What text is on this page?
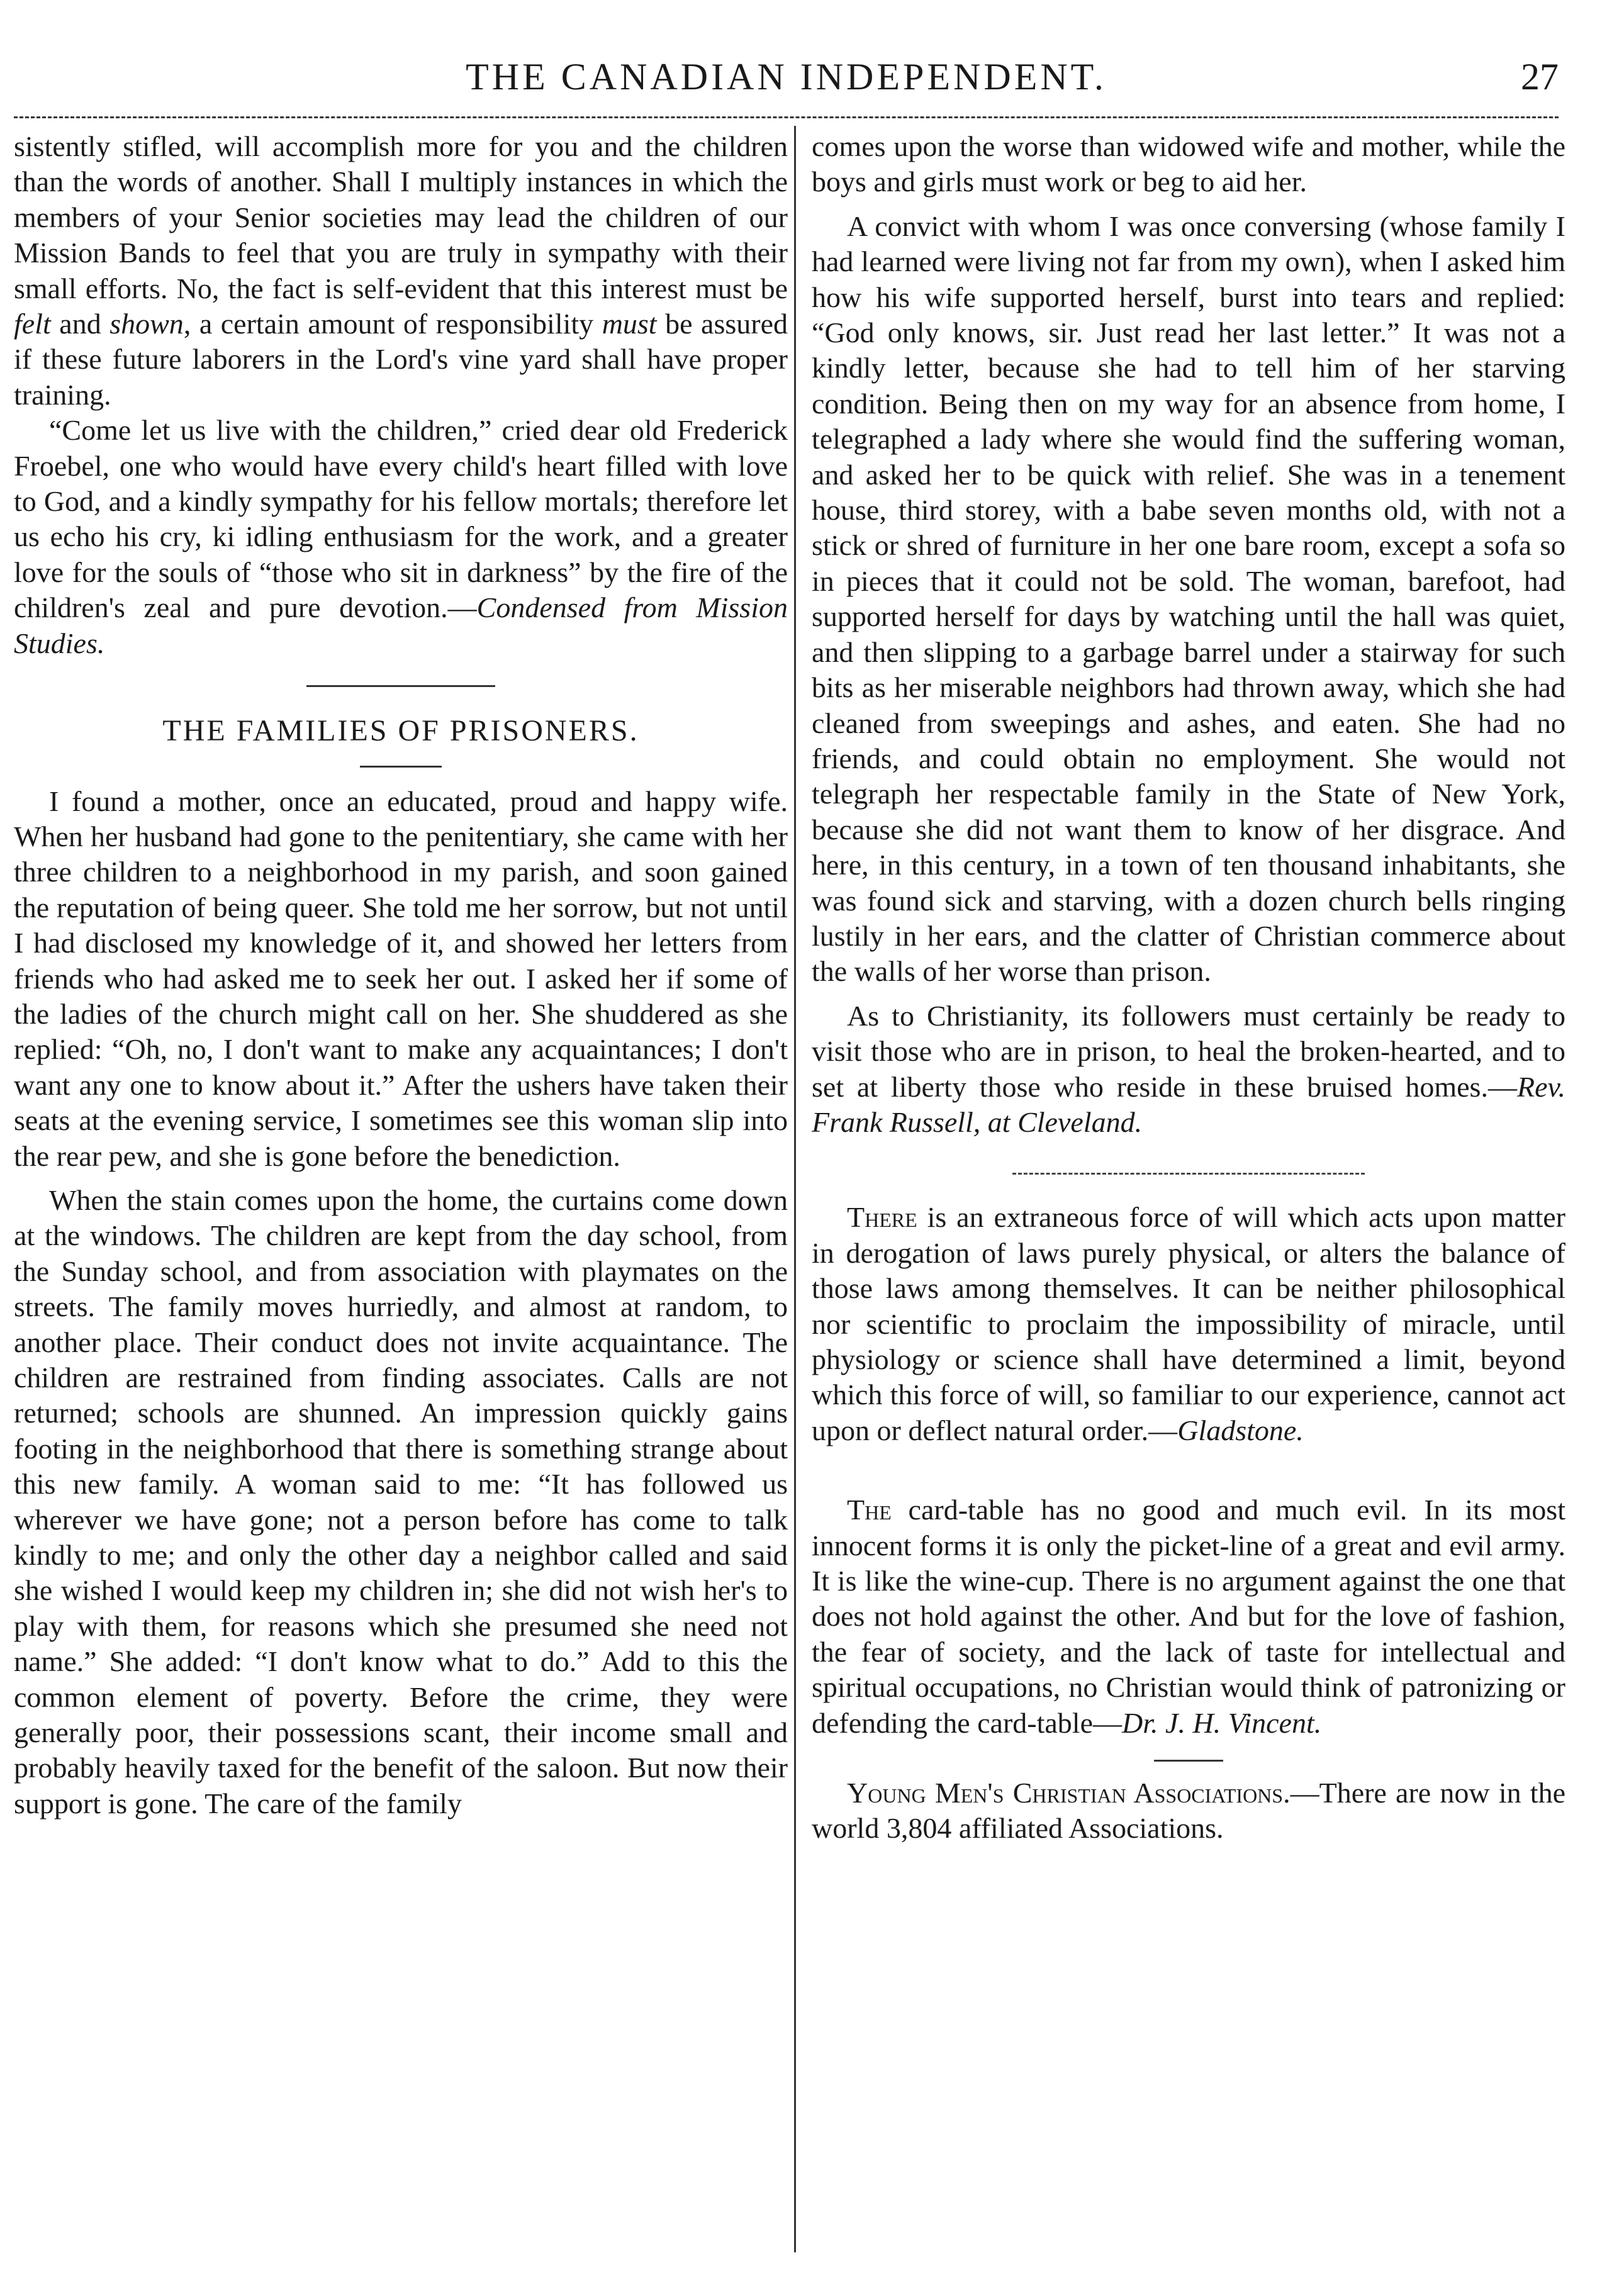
THE CANADIAN INDEPENDENT.	27

sistently stifled, will accomplish more for you and the children than the words of another. Shall I multiply instances in which the members of your Senior societies may lead the children of our Mission Bands to feel that you are truly in sympathy with their small efforts. No, the fact is self-evident that this interest must be felt and shown, a certain amount of responsibility must be assured if these future laborers in the Lord's vine yard shall have proper training.

“Come let us live with the children,” cried dear old Frederick Froebel, one who would have every child's heart filled with love to God, and a kindly sympathy for his fellow mortals; therefore let us echo his cry, ki idling enthusiasm for the work, and a greater love for the souls of “those who sit in darkness” by the fire of the children's zeal and pure devotion.—Condensed from Mission Studies.

THE FAMILIES OF PRISONERS.

I found a mother, once an educated, proud and happy wife. When her husband had gone to the penitentiary, she came with her three children to a neighborhood in my parish, and soon gained the reputation of being queer. She told me her sorrow, but not until I had disclosed my knowledge of it, and showed her letters from friends who had asked me to seek her out. I asked her if some of the ladies of the church might call on her. She shuddered as she replied: “Oh, no, I don't want to make any acquaintances; I don't want any one to know about it.” After the ushers have taken their seats at the evening service, I sometimes see this woman slip into the rear pew, and she is gone before the benediction.

When the stain comes upon the home, the curtains come down at the windows. The children are kept from the day school, from the Sunday school, and from association with playmates on the streets. The family moves hurriedly, and almost at random, to another place. Their conduct does not invite acquaintance. The children are restrained from finding associates. Calls are not returned; schools are shunned. An impression quickly gains footing in the neighborhood that there is something strange about this new family. A woman said to me: “It has followed us wherever we have gone; not a person before has come to talk kindly to me; and only the other day a neighbor called and said she wished I would keep my children in; she did not wish her's to play with them, for reasons which she presumed she need not name.” She added: “I don't know what to do.” Add to this the common element of poverty. Before the crime, they were generally poor, their possessions scant, their income small and probably heavily taxed for the benefit of the saloon. But now their support is gone. The care of the family

comes upon the worse than widowed wife and mother, while the boys and girls must work or beg to aid her.

A convict with whom I was once conversing (whose family I had learned were living not far from my own), when I asked him how his wife supported herself, burst into tears and replied: “God only knows, sir. Just read her last letter.” It was not a kindly letter, because she had to tell him of her starving condition. Being then on my way for an absence from home, I telegraphed a lady where she would find the suffering woman, and asked her to be quick with relief. She was in a tenement house, third storey, with a babe seven months old, with not a stick or shred of furniture in her one bare room, except a sofa so in pieces that it could not be sold. The woman, barefoot, had supported herself for days by watching until the hall was quiet, and then slipping to a garbage barrel under a stairway for such bits as her miserable neighbors had thrown away, which she had cleaned from sweepings and ashes, and eaten. She had no friends, and could obtain no employment. She would not telegraph her respectable family in the State of New York, because she did not want them to know of her disgrace. And here, in this century, in a town of ten thousand inhabitants, she was found sick and starving, with a dozen church bells ringing lustily in her ears, and the clatter of Christian commerce about the walls of her worse than prison.

As to Christianity, its followers must certainly be ready to visit those who are in prison, to heal the broken-hearted, and to set at liberty those who reside in these bruised homes.—Rev. Frank Russell, at Cleveland.

There is an extraneous force of will which acts upon matter in derogation of laws purely physical, or alters the balance of those laws among themselves. It can be neither philosophical nor scientific to proclaim the impossibility of miracle, until physiology or science shall have determined a limit, beyond which this force of will, so familiar to our experience, cannot act upon or deflect natural order.—Gladstone.

The card-table has no good and much evil. In its most innocent forms it is only the picket-line of a great and evil army. It is like the wine-cup. There is no argument against the one that does not hold against the other. And but for the love of fashion, the fear of society, and the lack of taste for intellectual and spiritual occupations, no Christian would think of patronizing or defending the card-table—Dr. J. H. Vincent.

Young Men's Christian Associations.—There are now in the world 3,804 affiliated Associations.
